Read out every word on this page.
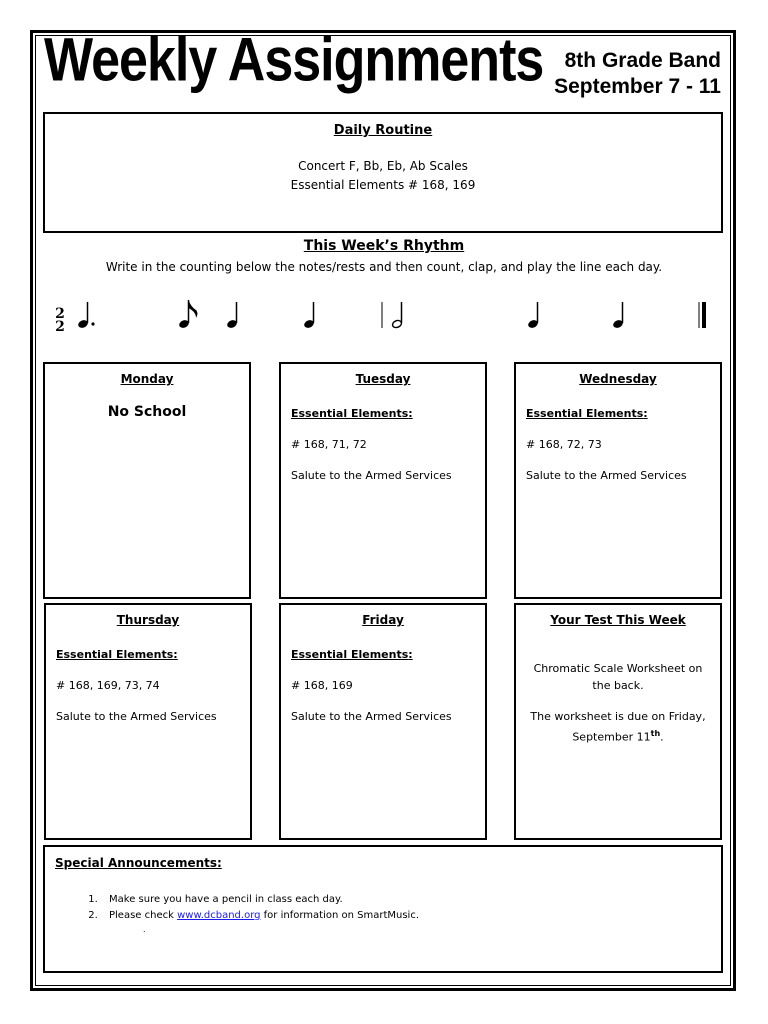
Weekly Assignments	8th Grade Band
September 7 - 11
Daily Routine
Concert F, Bb, Eb, Ab Scales
Essential Elements # 168, 169
This Week’s Rhythm
Write in the counting below the notes/rests and then count, clap, and play the line each day.
2
2
Monday
No School
Tuesday
Essential Elements:
# 168, 71, 72
Salute to the Armed Services
Wednesday
Essential Elements:
# 168, 72, 73
Salute to the Armed Services
Thursday
Essential Elements:
# 168, 169, 73, 74
Salute to the Armed Services
Friday
Essential Elements:
# 168, 169
Salute to the Armed Services
Your Test This Week
Chromatic Scale Worksheet on the back.
The worksheet is due on Friday, September 11th.
Special Announcements:
1. Make sure you have a pencil in class each day.
2. Please check www.dcband.org for information on SmartMusic.
.
